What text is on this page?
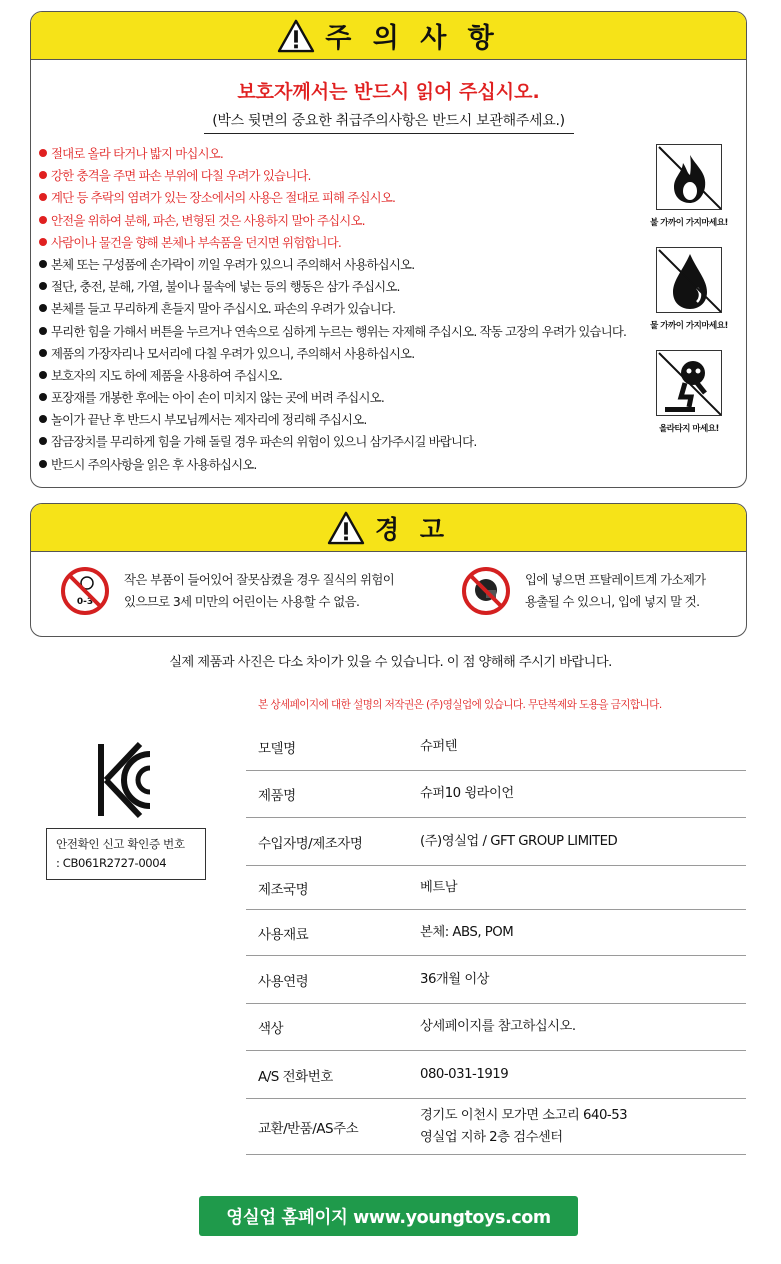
주 의 사 항
보호자께서는 반드시 읽어 주십시오.
(박스 뒷면의 중요한 취급주의사항은 반드시 보관해주세요.)
절대로 올라 타거나 밟지 마십시오.
강한 충격을 주면 파손 부위에 다칠 우려가 있습니다.
계단 등 추락의 염려가 있는 장소에서의 사용은 절대로 피해 주십시오.
안전을 위하여 분해, 파손, 변형된 것은 사용하지 말아 주십시오.
사람이나 물건을 향해 본체나 부속품을 던지면 위험합니다.
본체 또는 구성품에 손가락이 끼일 우려가 있으니 주의해서 사용하십시오.
절단, 충전, 분해, 가열, 불이나 물속에 넣는 등의 행동은 삼가 주십시오.
본체를 들고 무리하게 흔들지 말아 주십시오. 파손의 우려가 있습니다.
무리한 힘을 가해서 버튼을 누르거나 연속으로 심하게 누르는 행위는 자제해 주십시오. 작동 고장의 우려가 있습니다.
제품의 가장자리나 모서리에 다칠 우려가 있으니, 주의해서 사용하십시오.
보호자의 지도 하에 제품을 사용하여 주십시오.
포장재를 개봉한 후에는 아이 손이 미치지 않는 곳에 버려 주십시오.
놀이가 끝난 후 반드시 부모님께서는 제자리에 정리해 주십시오.
잠금장치를 무리하게 힘을 가해 돌릴 경우 파손의 위험이 있으니 삼가주시길 바랍니다.
반드시 주의사항을 읽은 후 사용하십시오.
불 가까이 가지마세요!
물 가까이 가지마세요!
올라타지 마세요!
경 고
0-3
작은 부품이 들어있어 잘못삼켰을 경우 질식의 위험이
있으므로 3세 미만의 어린이는 사용할 수 없음.
입에 넣으면 프탈레이트계 가소제가
용출될 수 있으니, 입에 넣지 말 것.
실제 제품과 사진은 다소 차이가 있을 수 있습니다. 이 점 양해해 주시기 바랍니다.
본 상세페이지에 대한 설명의 저작권은 (주)영실업에 있습니다. 무단복제와 도용을 금지합니다.
안전확인 신고 확인증 번호
: CB061R2727-0004
모델명	슈퍼텐
제품명	슈퍼10 윙라이언
수입자명/제조자명	(주)영실업 / GFT GROUP LIMITED
제조국명	베트남
사용재료	본체: ABS, POM
사용연령	36개월 이상
색상	상세페이지를 참고하십시오.
A/S 전화번호	080-031-1919
교환/반품/AS주소
경기도 이천시 모가면 소고리 640-53
영실업 지하 2층 검수센터
영실업 홈페이지 www.youngtoys.com
